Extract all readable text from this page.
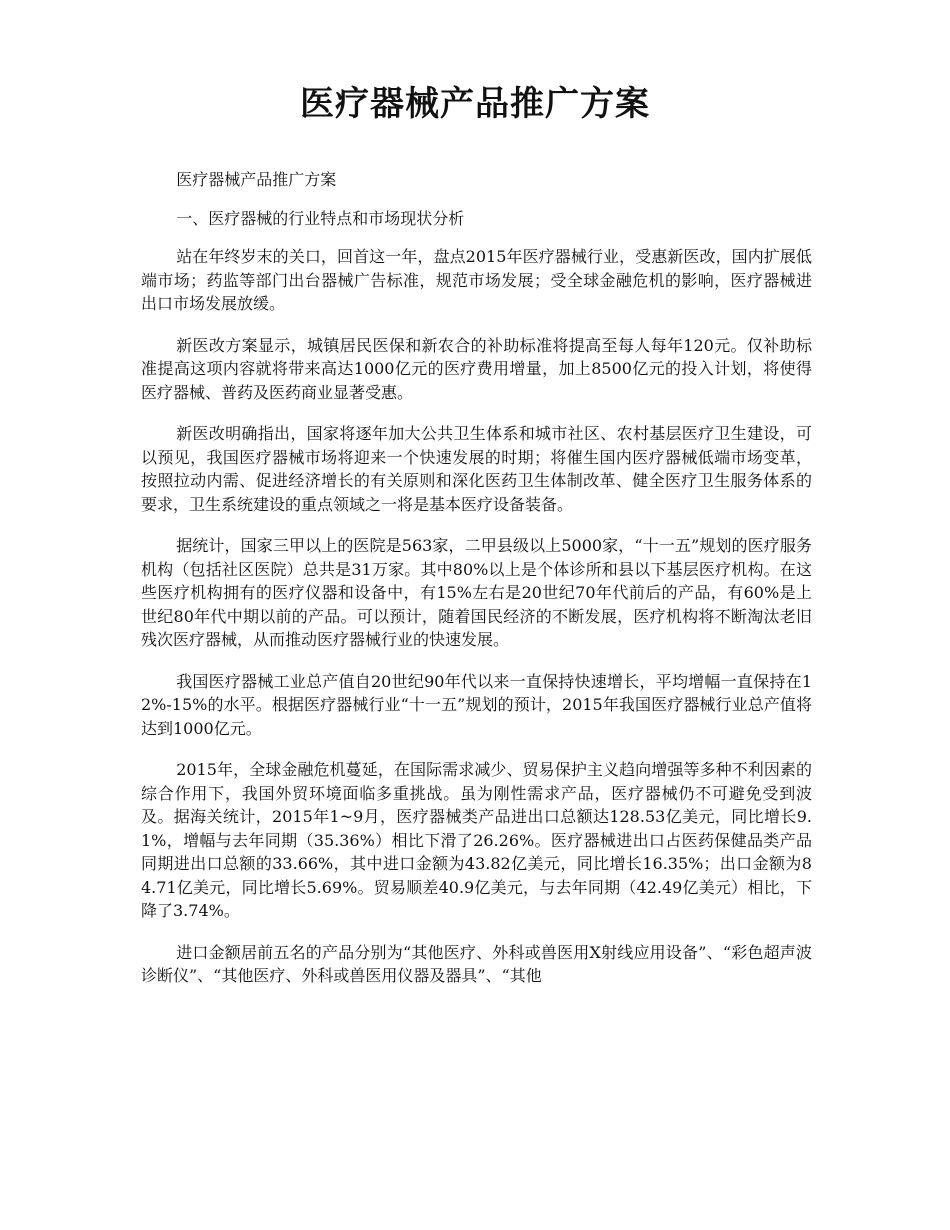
医疗器械产品推广方案

医疗器械产品推广方案

一、医疗器械的行业特点和市场现状分析

站在年终岁末的关口，回首这一年，盘点2015年医疗器械行业，受惠新医改，国内扩展低端市场；药监等部门出台器械广告标准，规范市场发展；受全球金融危机的影响，医疗器械进出口市场发展放缓。

新医改方案显示，城镇居民医保和新农合的补助标准将提高至每人每年120元。仅补助标准提高这项内容就将带来高达1000亿元的医疗费用增量，加上8500亿元的投入计划，将使得医疗器械、普药及医药商业显著受惠。

新医改明确指出，国家将逐年加大公共卫生体系和城市社区、农村基层医疗卫生建设，可以预见，我国医疗器械市场将迎来一个快速发展的时期；将催生国内医疗器械低端市场变革，按照拉动内需、促进经济增长的有关原则和深化医药卫生体制改革、健全医疗卫生服务体系的要求，卫生系统建设的重点领域之一将是基本医疗设备装备。

据统计，国家三甲以上的医院是563家，二甲县级以上5000家，“十一五”规划的医疗服务机构（包括社区医院）总共是31万家。其中80%以上是个体诊所和县以下基层医疗机构。在这些医疗机构拥有的医疗仪器和设备中，有15%左右是20世纪70年代前后的产品，有60%是上世纪80年代中期以前的产品。可以预计，随着国民经济的不断发展，医疗机构将不断淘汰老旧残次医疗器械，从而推动医疗器械行业的快速发展。

我国医疗器械工业总产值自20世纪90年代以来一直保持快速增长，平均增幅一直保持在12%-15%的水平。根据医疗器械行业“十一五”规划的预计，2015年我国医疗器械行业总产值将达到1000亿元。

2015年，全球金融危机蔓延，在国际需求减少、贸易保护主义趋向增强等多种不利因素的综合作用下，我国外贸环境面临多重挑战。虽为刚性需求产品，医疗器械仍不可避免受到波及。据海关统计，2015年1~9月，医疗器械类产品进出口总额达128.53亿美元，同比增长9.1%，增幅与去年同期（35.36%）相比下滑了26.26%。医疗器械进出口占医药保健品类产品同期进出口总额的33.66%，其中进口金额为43.82亿美元，同比增长16.35%；出口金额为84.71亿美元，同比增长5.69%。贸易顺差40.9亿美元，与去年同期（42.49亿美元）相比，下降了3.74%。

进口金额居前五名的产品分别为“其他医疗、外科或兽医用X射线应用设备”、“彩色超声波诊断仪”、“其他医疗、外科或兽医用仪器及器具”、“其他
